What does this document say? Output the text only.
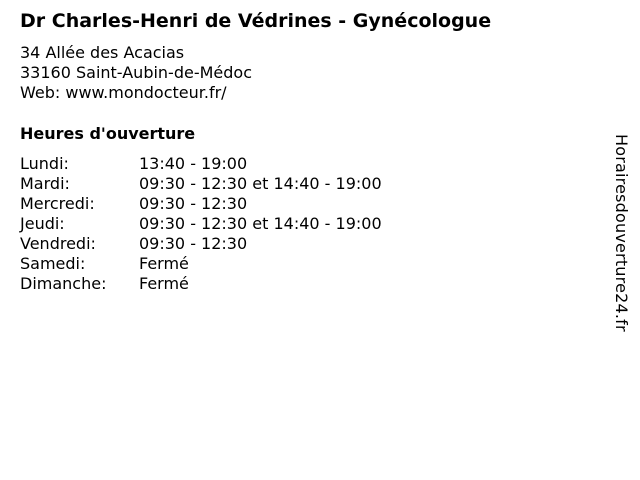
Dr Charles-Henri de Védrines - Gynécologue
34 Allée des Acacias
33160 Saint-Aubin-de-Médoc
Web: www.mondocteur.fr/
Heures d'ouverture
Lundi:	13:40 - 19:00
Mardi:	09:30 - 12:30 et 14:40 - 19:00
Mercredi:	09:30 - 12:30
Jeudi:	09:30 - 12:30 et 14:40 - 19:00
Vendredi:	09:30 - 12:30
Samedi:	Fermé
Dimanche: Fermé	Horairesdouverture24.fr
